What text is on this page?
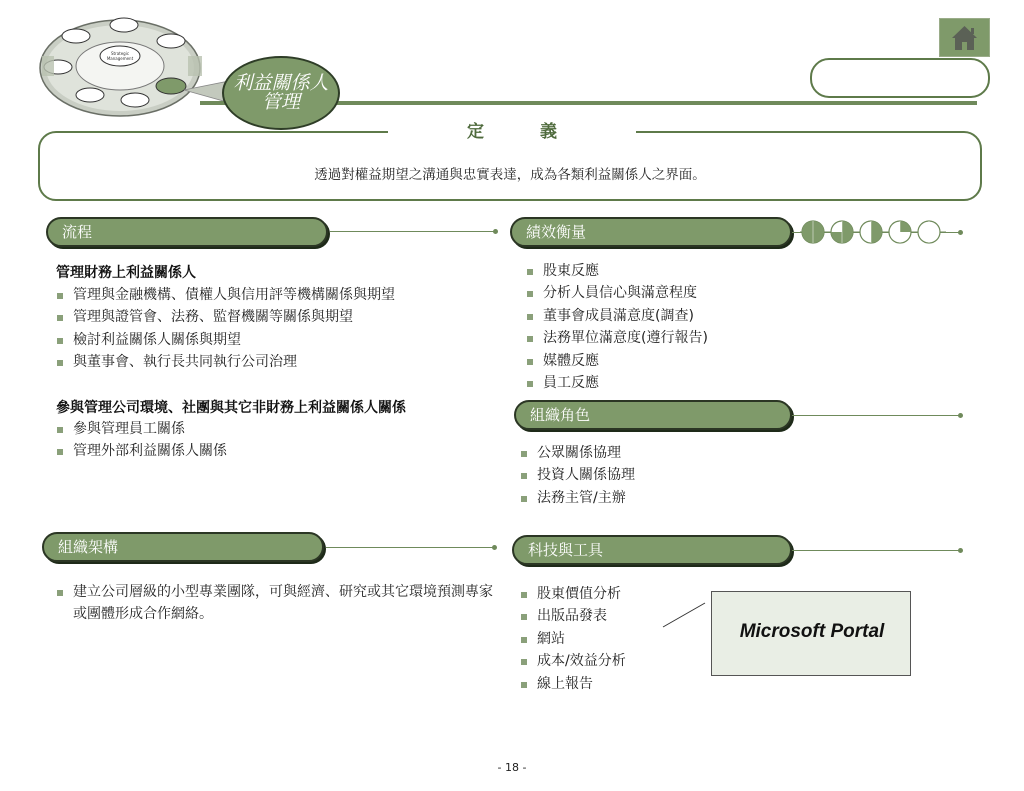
Strategic
Management
利益關係人
管理
定義
透過對權益期望之溝通與忠實表達，成為各類利益關係人之界面。
流程
管理財務上利益關係人
管理與金融機構、債權人與信用評等機構關係與期望
管理與證管會、法務、監督機關等關係與期望
檢討利益關係人關係與期望
與董事會、執行長共同執行公司治理
參與管理公司環境、社團與其它非財務上利益關係人關係
參與管理員工關係
管理外部利益關係人關係
績效衡量
股東反應
分析人員信心與滿意程度
董事會成員滿意度(調查)
法務單位滿意度(遵行報告)
媒體反應
員工反應
組織角色
公眾關係協理
投資人關係協理
法務主管/主辦
組織架構
建立公司層級的小型專業團隊，可與經濟、研究或其它環境預測專家或團體形成合作網絡。
科技與工具
股東價值分析
出版品發表
網站
成本/效益分析
線上報告
Microsoft Portal
- 18 -
